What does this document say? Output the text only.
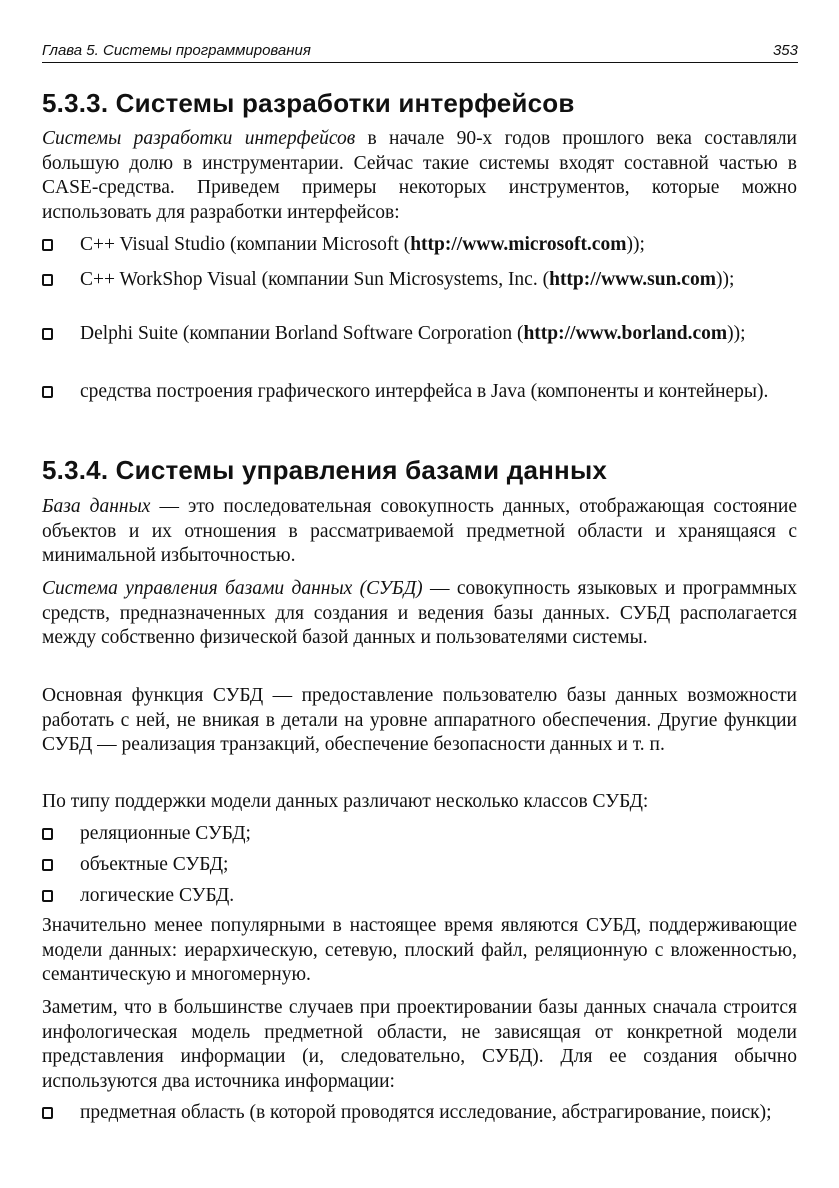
Глава 5. Системы программирования	353
5.3.3. Системы разработки интерфейсов

Системы разработки интерфейсов в начале 90-х годов прошлого века составляли большую долю в инструментарии. Сейчас такие системы входят составной частью в CASE-средства. Приведем примеры некоторых инструментов, которые можно использовать для разработки интерфейсов:

C++ Visual Studio (компании Microsoft (http://www.microsoft.com));
C++ WorkShop Visual (компании Sun Microsystems, Inc. (http://www.sun.com));
Delphi Suite (компании Borland Software Corporation (http://www.borland.com));
средства построения графического интерфейса в Java (компоненты и контейнеры).
5.3.4. Системы управления базами данных

База данных — это последовательная совокупность данных, отображающая состояние объектов и их отношения в рассматриваемой предметной области и хранящаяся с минимальной избыточностью.

Система управления базами данных (СУБД) — совокупность языковых и программных средств, предназначенных для создания и ведения базы данных. СУБД располагается между собственно физической базой данных и пользователями системы.

Основная функция СУБД — предоставление пользователю базы данных возможности работать с ней, не вникая в детали на уровне аппаратного обеспечения. Другие функции СУБД — реализация транзакций, обеспечение безопасности данных и т. п.

По типу поддержки модели данных различают несколько классов СУБД:

реляционные СУБД;
объектные СУБД;
логические СУБД.

Значительно менее популярными в настоящее время являются СУБД, поддерживающие модели данных: иерархическую, сетевую, плоский файл, реляционную с вложенностью, семантическую и многомерную.

Заметим, что в большинстве случаев при проектировании базы данных сначала строится инфологическая модель предметной области, не зависящая от конкретной модели представления информации (и, следовательно, СУБД). Для ее создания обычно используются два источника информации:

предметная область (в которой проводятся исследование, абстрагирование, поиск);
